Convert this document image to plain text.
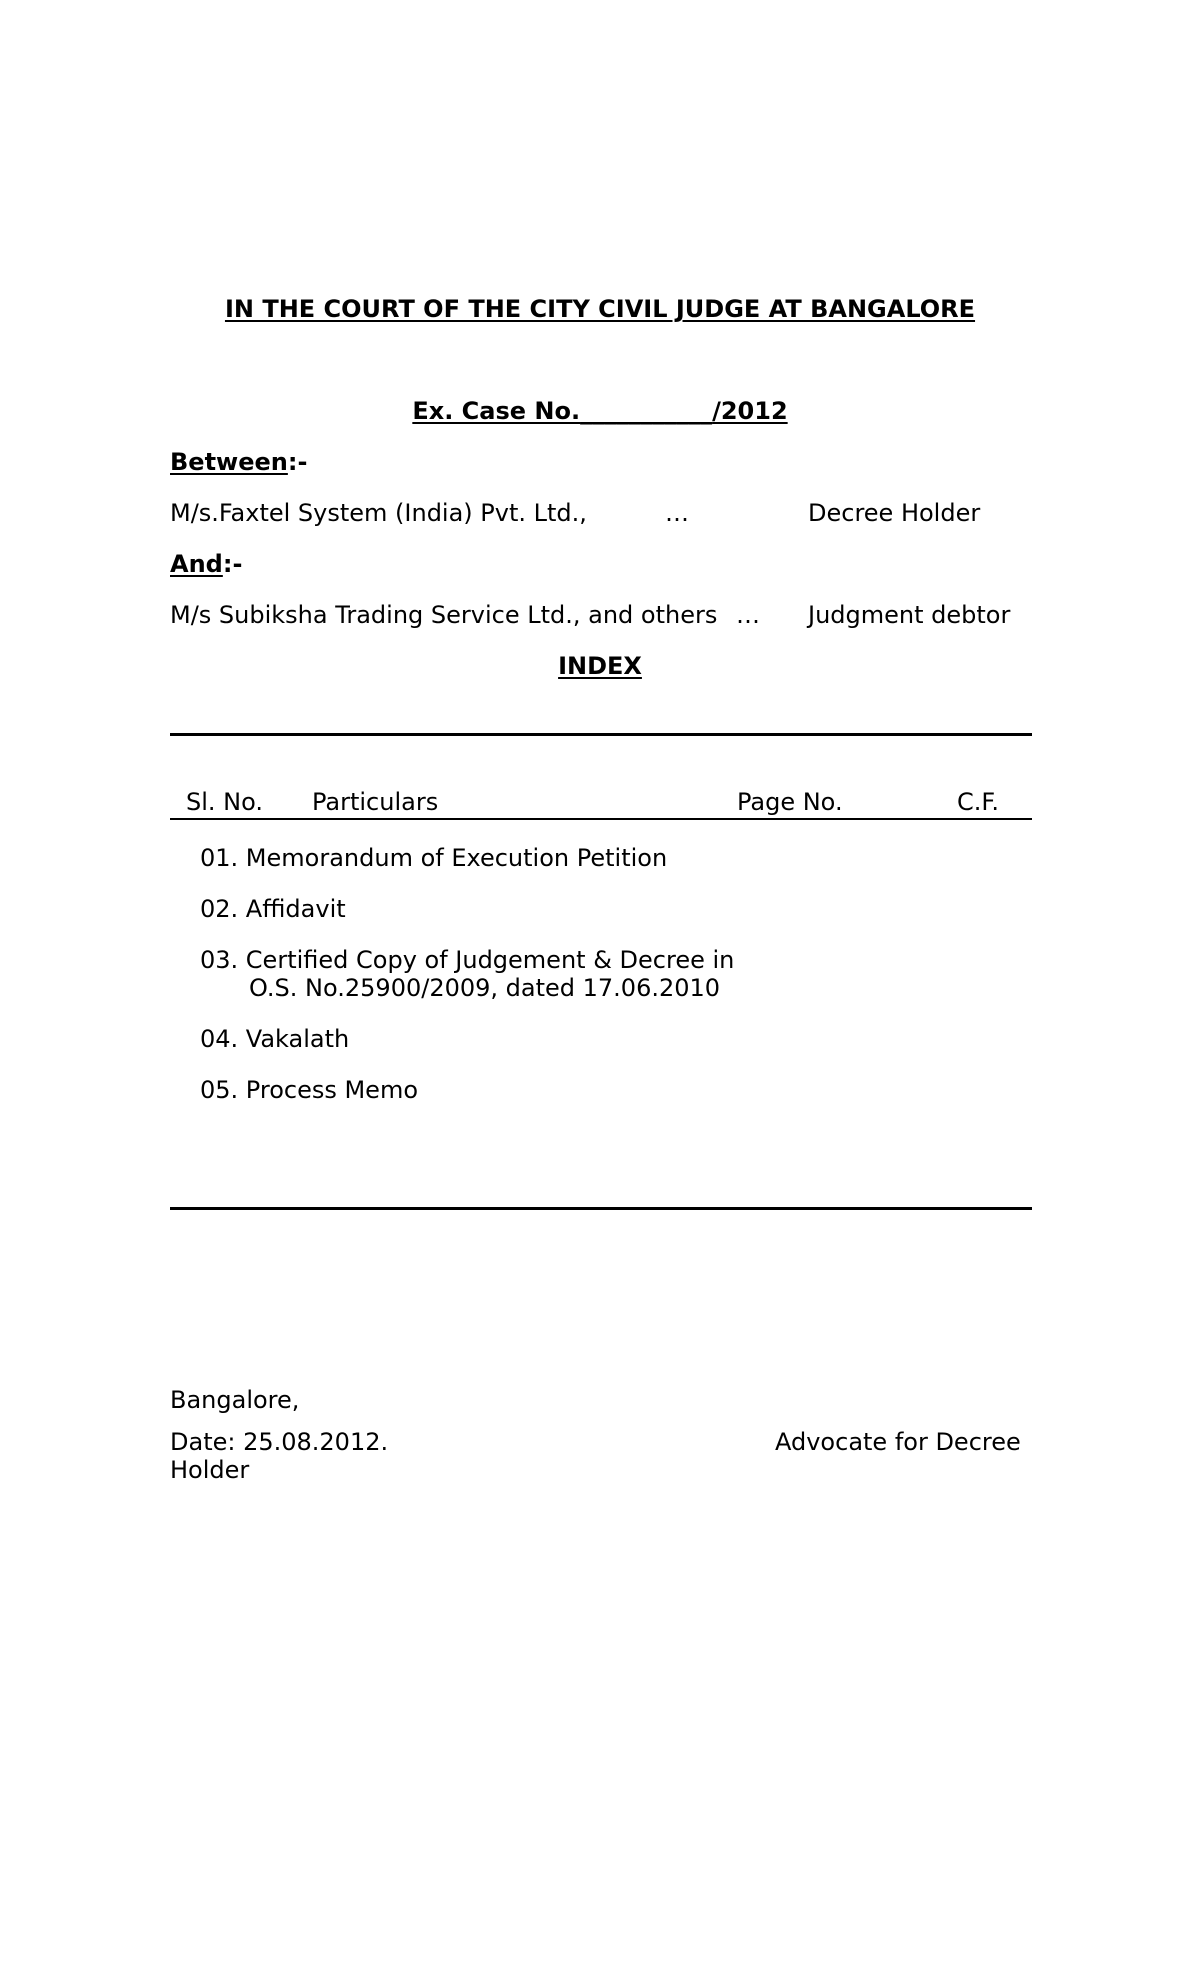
IN THE COURT OF THE CITY CIVIL JUDGE AT BANGALORE
Ex. Case No.___________/2012
Between:-
M/s.Faxtel System (India) Pvt. Ltd.,	…	Decree Holder
And:-
M/s Subiksha Trading Service Ltd., and others … Judgment debtor
INDEX
Sl. No. Particulars	Page No.	C.F.
01. Memorandum of Execution Petition
02. Affidavit
03. Certified Copy of Judgement & Decree in
O.S. No.25900/2009, dated 17.06.2010
04. Vakalath
05. Process Memo
Bangalore,
Date: 25.08.2012.	Advocate for Decree
Holder
